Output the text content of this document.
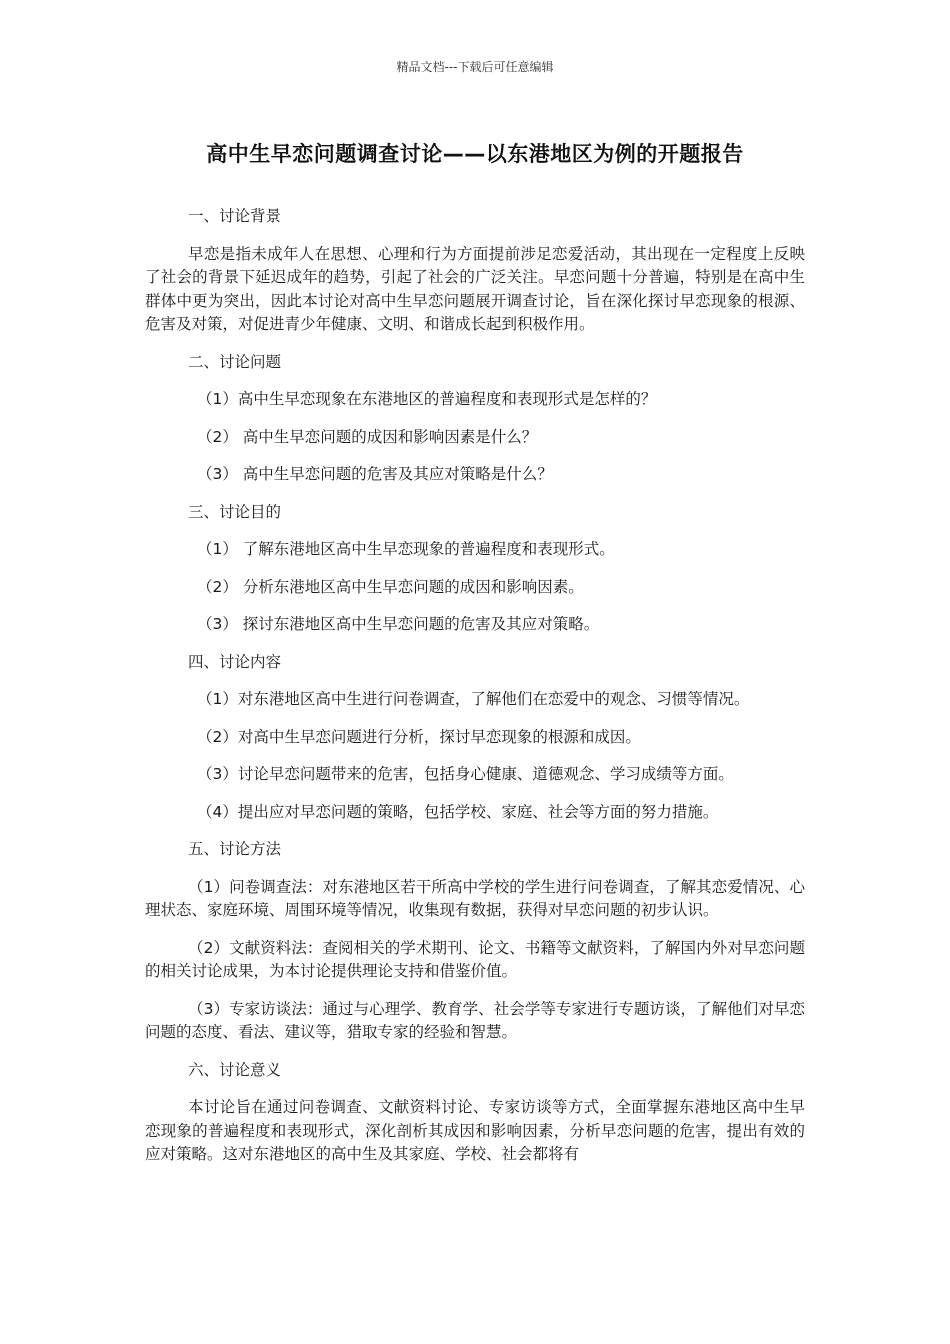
精品文档---下载后可任意编辑
高中生早恋问题调查讨论——以东港地区为例的开题报告

一、讨论背景

早恋是指未成年人在思想、心理和行为方面提前涉足恋爱活动，其出现在一定程度上反映了社会的背景下延迟成年的趋势，引起了社会的广泛关注。早恋问题十分普遍，特别是在高中生群体中更为突出，因此本讨论对高中生早恋问题展开调查讨论，旨在深化探讨早恋现象的根源、危害及对策，对促进青少年健康、文明、和谐成长起到积极作用。

二、讨论问题

（1）高中生早恋现象在东港地区的普遍程度和表现形式是怎样的？

（2） 高中生早恋问题的成因和影响因素是什么？

（3） 高中生早恋问题的危害及其应对策略是什么？

三、讨论目的

（1） 了解东港地区高中生早恋现象的普遍程度和表现形式。

（2） 分析东港地区高中生早恋问题的成因和影响因素。

（3） 探讨东港地区高中生早恋问题的危害及其应对策略。

四、讨论内容

（1）对东港地区高中生进行问卷调查，了解他们在恋爱中的观念、习惯等情况。

（2）对高中生早恋问题进行分析，探讨早恋现象的根源和成因。

（3）讨论早恋问题带来的危害，包括身心健康、道德观念、学习成绩等方面。

（4）提出应对早恋问题的策略，包括学校、家庭、社会等方面的努力措施。

五、讨论方法

（1）问卷调查法：对东港地区若干所高中学校的学生进行问卷调查，了解其恋爱情况、心理状态、家庭环境、周围环境等情况，收集现有数据，获得对早恋问题的初步认识。

（2）文献资料法：查阅相关的学术期刊、论文、书籍等文献资料，了解国内外对早恋问题的相关讨论成果，为本讨论提供理论支持和借鉴价值。

（3）专家访谈法：通过与心理学、教育学、社会学等专家进行专题访谈，了解他们对早恋问题的态度、看法、建议等，猎取专家的经验和智慧。

六、讨论意义

本讨论旨在通过问卷调查、文献资料讨论、专家访谈等方式，全面掌握东港地区高中生早恋现象的普遍程度和表现形式，深化剖析其成因和影响因素，分析早恋问题的危害，提出有效的应对策略。这对东港地区的高中生及其家庭、学校、社会都将有
